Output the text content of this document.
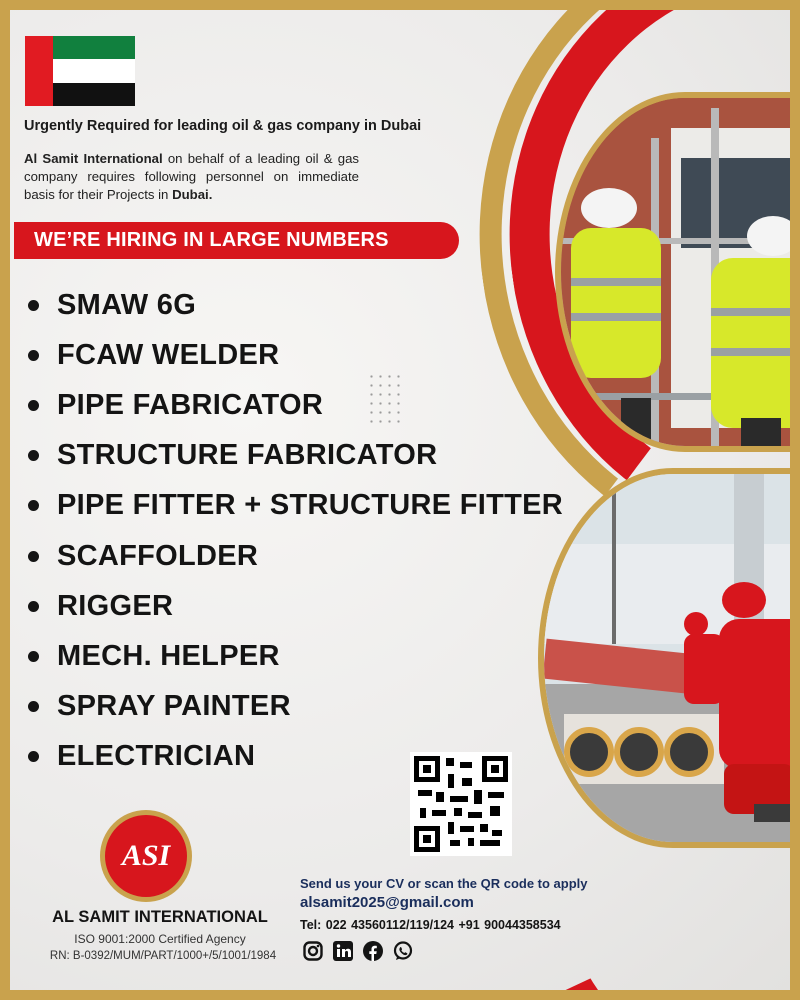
Urgently Required for leading oil & gas company in Dubai

Al Samit International on behalf of a leading oil & gas company requires following personnel on immediate basis for their Projects in Dubai.

WE’RE HIRING IN LARGE NUMBERS
SMAW 6G
FCAW WELDER
PIPE FABRICATOR
STRUCTURE FABRICATOR
PIPE FITTER + STRUCTURE FITTER
SCAFFOLDER
RIGGER
MECH. HELPER
SPRAY PAINTER
ELECTRICIAN
ASI
AL SAMIT INTERNATIONAL
ISO 9001:2000 Certified Agency
RN: B-0392/MUM/PART/1000+/5/1001/1984
Send us your CV or scan the QR code to apply
alsamit2025@gmail.com
Tel: 022 43560112/119/124 +91 90044358534
